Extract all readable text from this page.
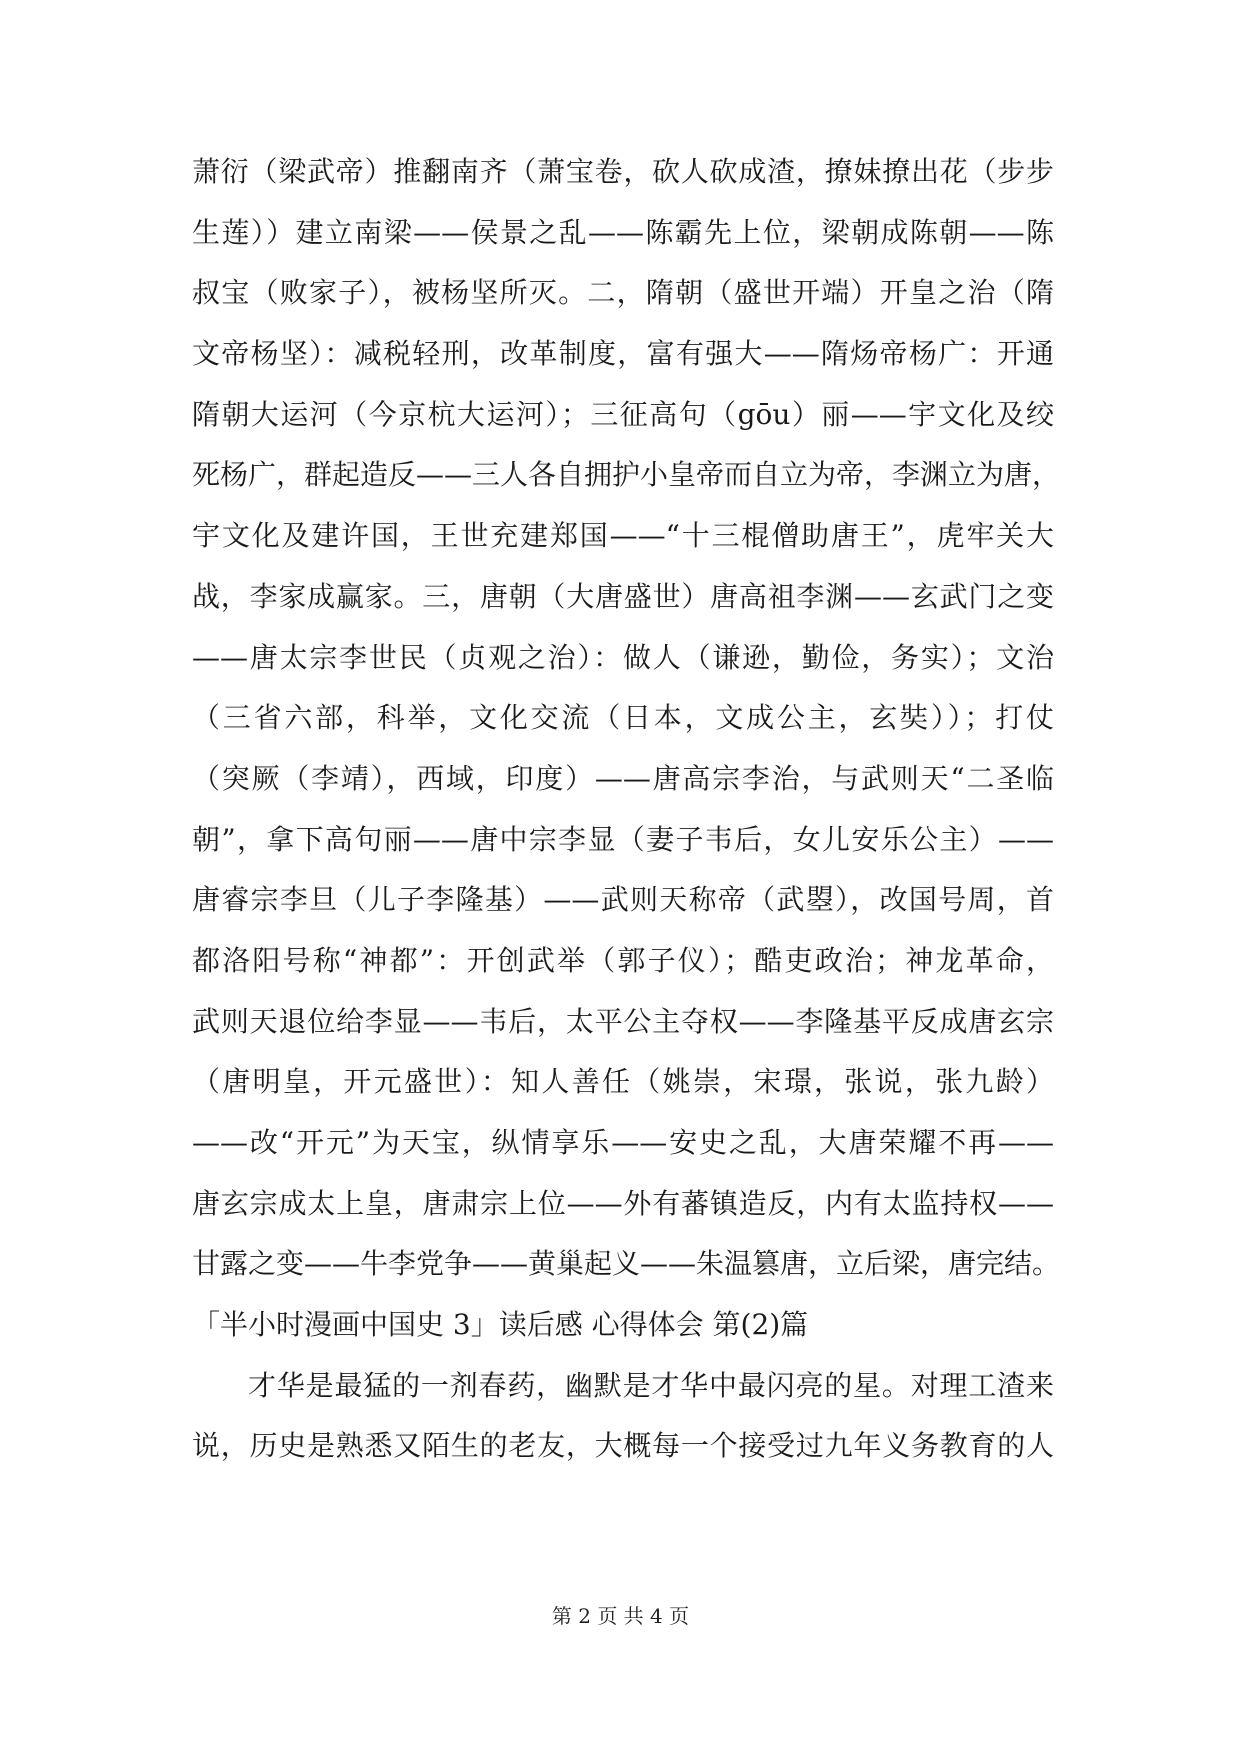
萧衍（梁武帝）推翻南齐（萧宝卷，砍人砍成渣，撩妹撩出花（步步
生莲））建立南梁——侯景之乱——陈霸先上位，梁朝成陈朝——陈
叔宝（败家子），被杨坚所灭。二，隋朝（盛世开端）开皇之治（隋
文帝杨坚）：减税轻刑，改革制度，富有强大——隋炀帝杨广：开通
隋朝大运河（今京杭大运河）；三征高句（gōu）丽——宇文化及绞
死杨广，群起造反——三人各自拥护小皇帝而自立为帝，李渊立为唐，
宇文化及建许国，王世充建郑国——“十三棍僧助唐王”，虎牢关大
战，李家成赢家。三，唐朝（大唐盛世）唐高祖李渊——玄武门之变
——唐太宗李世民（贞观之治）：做人（谦逊，勤俭，务实）；文治
（三省六部，科举，文化交流（日本，文成公主，玄奘））；打仗
（突厥（李靖），西域，印度）——唐高宗李治，与武则天“二圣临
朝”，拿下高句丽——唐中宗李显（妻子韦后，女儿安乐公主）——
唐睿宗李旦（儿子李隆基）——武则天称帝（武曌），改国号周，首
都洛阳号称“神都”：开创武举（郭子仪）；酷吏政治；神龙革命，
武则天退位给李显——韦后，太平公主夺权——李隆基平反成唐玄宗
（唐明皇，开元盛世）：知人善任（姚崇，宋璟，张说，张九龄）
——改“开元”为天宝，纵情享乐——安史之乱，大唐荣耀不再——
唐玄宗成太上皇，唐肃宗上位——外有蕃镇造反，内有太监持权——
甘露之变——牛李党争——黄巢起义——朱温篡唐，立后梁，唐完结。
「半小时漫画中国史 3」读后感 心得体会 第(2)篇
才华是最猛的一剂春药，幽默是才华中最闪亮的星。对理工渣来
说，历史是熟悉又陌生的老友，大概每一个接受过九年义务教育的人
第 2 页 共 4 页
